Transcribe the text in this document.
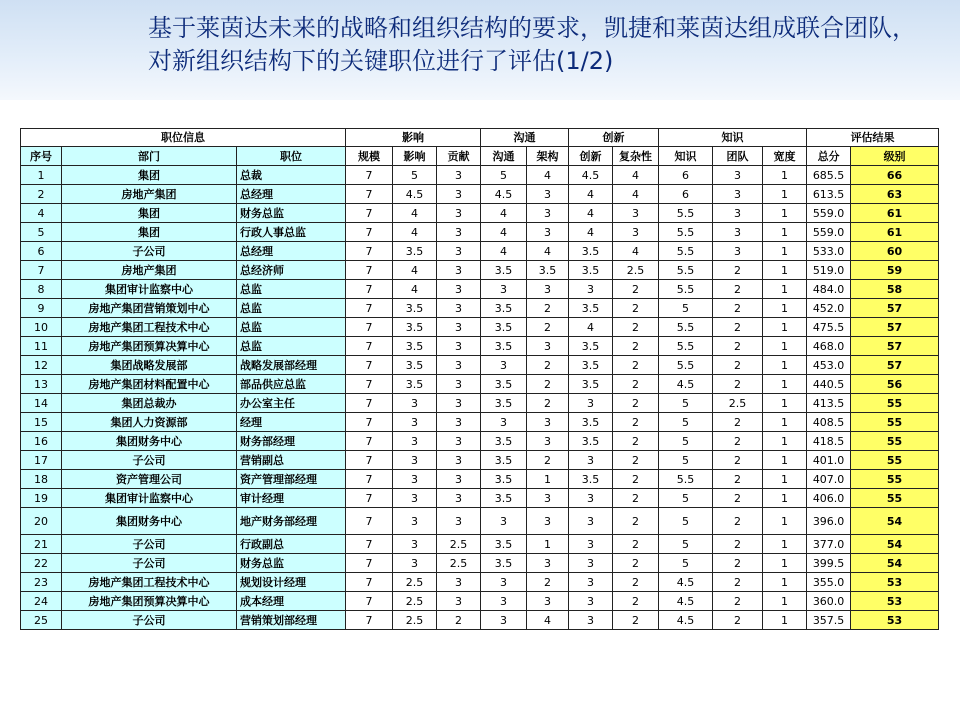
基于莱茵达未来的战略和组织结构的要求，凯捷和莱茵达组成联合团队，对新组织结构下的关键职位进行了评估(1/2)
职位信息			影响			沟通		创新		知识			评估结果	
序号	部门	职位	规模	影响	贡献	沟通	架构	创新	复杂性	知识	团队	宽度	总分	级别
1	集团	总裁	7	5	3	5	4	4.5	4	6	3	1	685.5	66
2	房地产集团	总经理	7	4.5	3	4.5	3	4	4	6	3	1	613.5	63
4	集团	财务总监	7	4	3	4	3	4	3	5.5	3	1	559.0	61
5	集团	行政人事总监	7	4	3	4	3	4	3	5.5	3	1	559.0	61
6	子公司	总经理	7	3.5	3	4	4	3.5	4	5.5	3	1	533.0	60
7	房地产集团	总经济师	7	4	3	3.5	3.5	3.5	2.5	5.5	2	1	519.0	59
8	集团审计监察中心	总监	7	4	3	3	3	3	2	5.5	2	1	484.0	58
9	房地产集团营销策划中心	总监	7	3.5	3	3.5	2	3.5	2	5	2	1	452.0	57
10	房地产集团工程技术中心	总监	7	3.5	3	3.5	2	4	2	5.5	2	1	475.5	57
11	房地产集团预算决算中心	总监	7	3.5	3	3.5	3	3.5	2	5.5	2	1	468.0	57
12	集团战略发展部	战略发展部经理	7	3.5	3	3	2	3.5	2	5.5	2	1	453.0	57
13	房地产集团材料配置中心	部品供应总监	7	3.5	3	3.5	2	3.5	2	4.5	2	1	440.5	56
14	集团总裁办	办公室主任	7	3	3	3.5	2	3	2	5	2.5	1	413.5	55
15	集团人力资源部	经理	7	3	3	3	3	3.5	2	5	2	1	408.5	55
16	集团财务中心	财务部经理	7	3	3	3.5	3	3.5	2	5	2	1	418.5	55
17	子公司	营销副总	7	3	3	3.5	2	3	2	5	2	1	401.0	55
18	资产管理公司	资产管理部经理	7	3	3	3.5	1	3.5	2	5.5	2	1	407.0	55
19	集团审计监察中心	审计经理	7	3	3	3.5	3	3	2	5	2	1	406.0	55
20	集团财务中心	地产财务部经理	7	3	3	3	3	3	2	5	2	1	396.0	54
21	子公司	行政副总	7	3	2.5	3.5	1	3	2	5	2	1	377.0	54
22	子公司	财务总监	7	3	2.5	3.5	3	3	2	5	2	1	399.5	54
23	房地产集团工程技术中心	规划设计经理	7	2.5	3	3	2	3	2	4.5	2	1	355.0	53
24	房地产集团预算决算中心	成本经理	7	2.5	3	3	3	3	2	4.5	2	1	360.0	53
25	子公司	营销策划部经理	7	2.5	2	3	4	3	2	4.5	2	1	357.5	53
